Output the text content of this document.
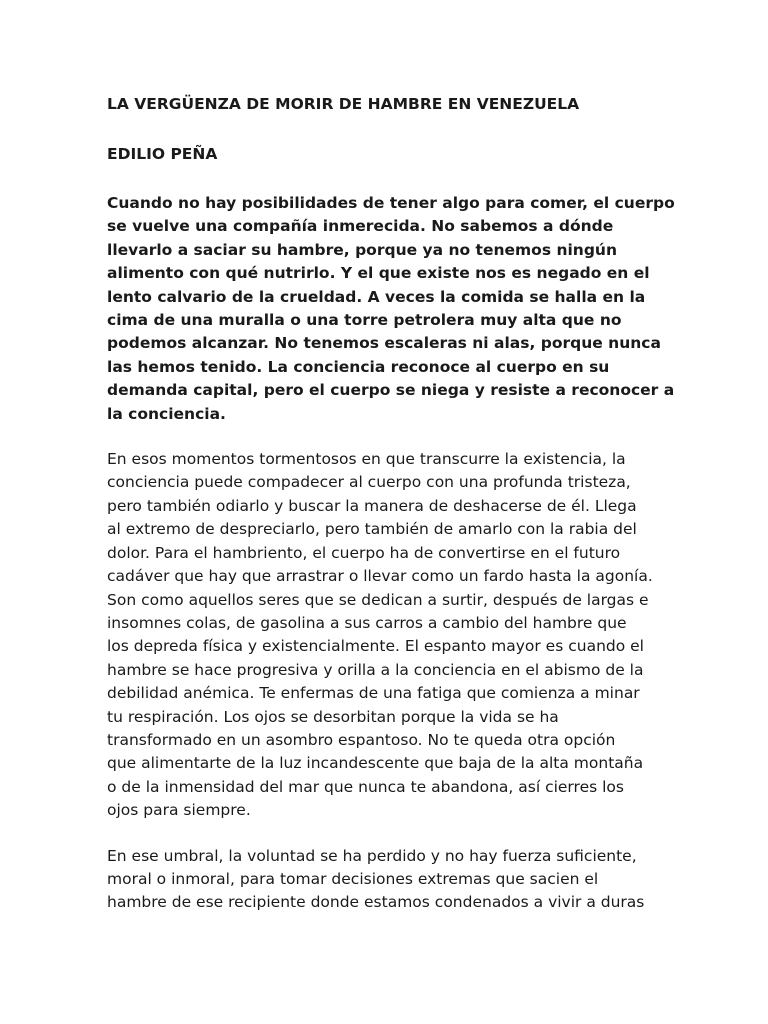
LA VERGÜENZA DE MORIR DE HAMBRE EN VENEZUELA
EDILIO PEÑA
Cuando no hay posibilidades de tener algo para comer, el cuerpo
se vuelve una compañía inmerecida. No sabemos a dónde
llevarlo a saciar su hambre, porque ya no tenemos ningún
alimento con qué nutrirlo. Y el que existe nos es negado en el
lento calvario de la crueldad. A veces la comida se halla en la
cima de una muralla o una torre petrolera muy alta que no
podemos alcanzar. No tenemos escaleras ni alas, porque nunca
las hemos tenido. La conciencia reconoce al cuerpo en su
demanda capital, pero el cuerpo se niega y resiste a reconocer a
la conciencia.
En esos momentos tormentosos en que transcurre la existencia, la
conciencia puede compadecer al cuerpo con una profunda tristeza,
pero también odiarlo y buscar la manera de deshacerse de él. Llega
al extremo de despreciarlo, pero también de amarlo con la rabia del
dolor. Para el hambriento, el cuerpo ha de convertirse en el futuro
cadáver que hay que arrastrar o llevar como un fardo hasta la agonía.
Son como aquellos seres que se dedican a surtir, después de largas e
insomnes colas, de gasolina a sus carros a cambio del hambre que
los depreda física y existencialmente. El espanto mayor es cuando el
hambre se hace progresiva y orilla a la conciencia en el abismo de la
debilidad anémica. Te enfermas de una fatiga que comienza a minar
tu respiración. Los ojos se desorbitan porque la vida se ha
transformado en un asombro espantoso. No te queda otra opción
que alimentarte de la luz incandescente que baja de la alta montaña
o de la inmensidad del mar que nunca te abandona, así cierres los
ojos para siempre.
En ese umbral, la voluntad se ha perdido y no hay fuerza suficiente,
moral o inmoral, para tomar decisiones extremas que sacien el
hambre de ese recipiente donde estamos condenados a vivir a duras
